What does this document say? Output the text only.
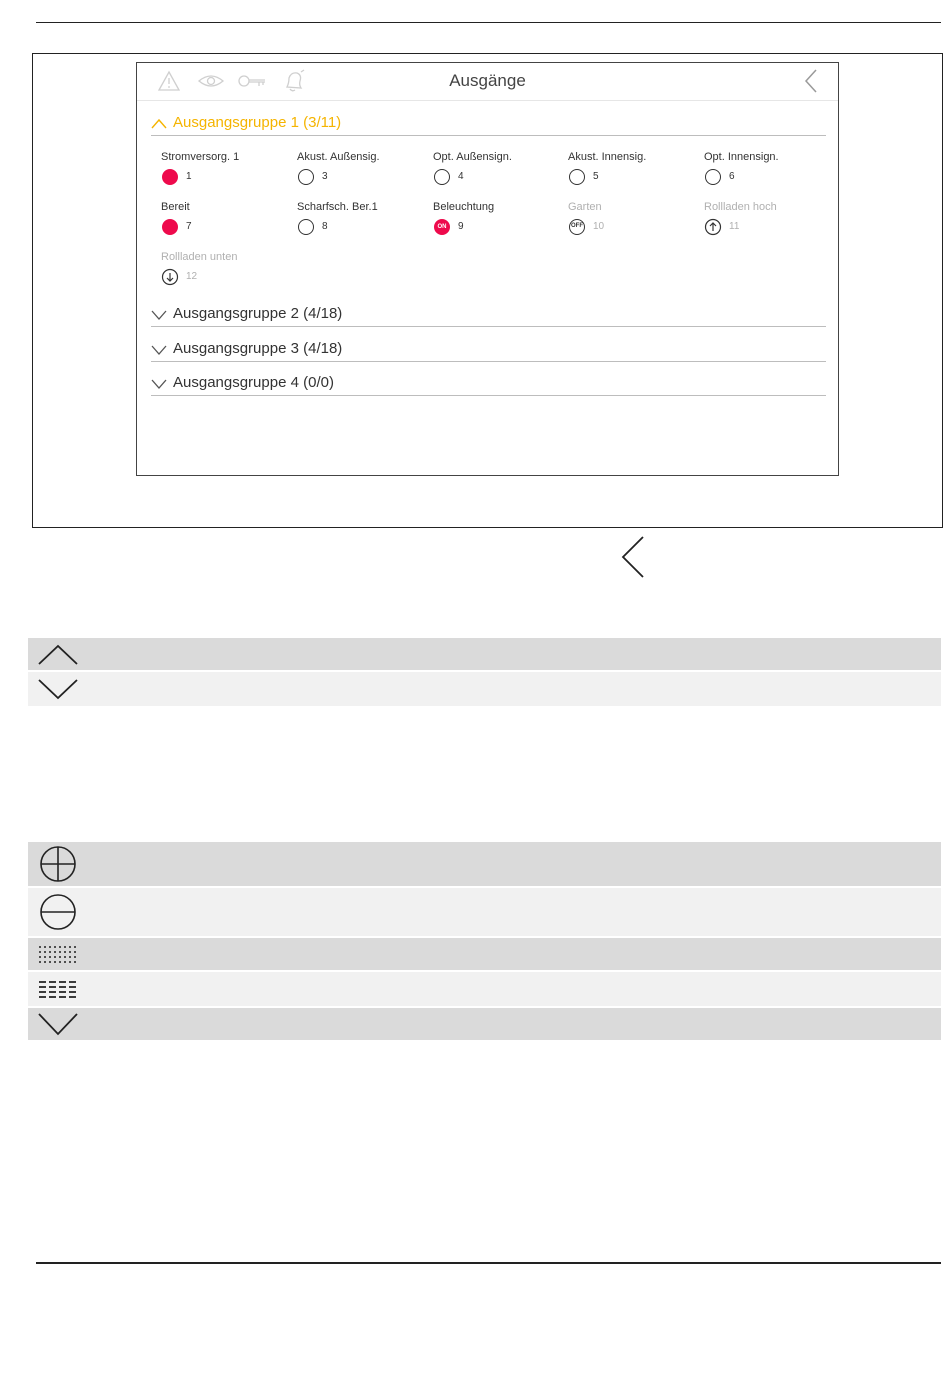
Ausgänge
Ausgangsgruppe 1 (3/11)
Stromversorg. 1
1
Akust. Außensig.
3
Opt. Außensign.
4
Akust. Innensig.
5
Opt. Innensign.
6
Bereit
7
Scharfsch. Ber.1
8
Beleuchtung
ON	9
Garten
OFF 10
Rollladen hoch
11
Rollladen unten
12
Ausgangsgruppe 2 (4/18)
Ausgangsgruppe 3 (4/18)
Ausgangsgruppe 4 (0/0)
